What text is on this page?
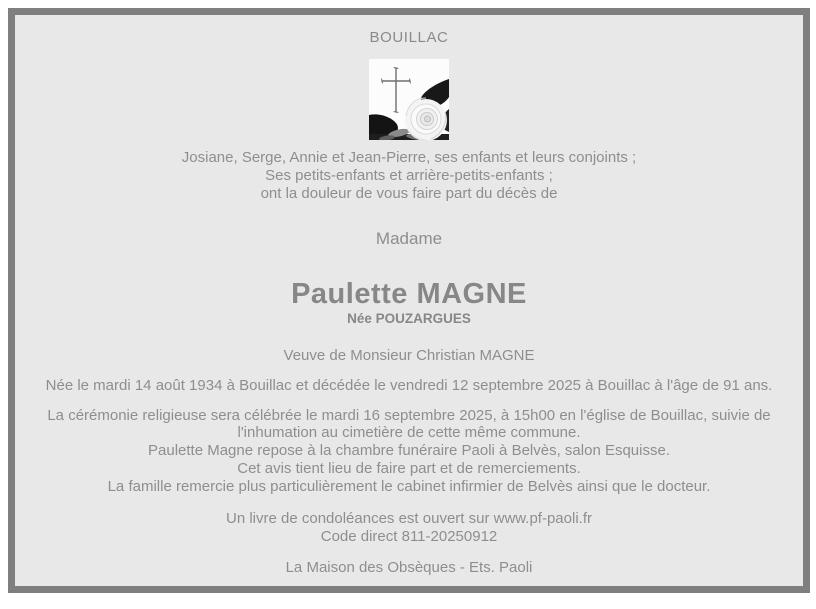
BOUILLAC
Josiane, Serge, Annie et Jean-Pierre, ses enfants et leurs conjoints ;
Ses petits-enfants et arrière-petits-enfants ;
ont la douleur de vous faire part du décès de
Madame
Paulette MAGNE
Née POUZARGUES
Veuve de Monsieur Christian MAGNE
Née le mardi 14 août 1934 à Bouillac et décédée le vendredi 12 septembre 2025 à Bouillac à l'âge de 91 ans.
La cérémonie religieuse sera célébrée le mardi 16 septembre 2025, à 15h00 en l'église de Bouillac, suivie de l'inhumation au cimetière de cette même commune.
Paulette Magne repose à la chambre funéraire Paoli à Belvès, salon Esquisse.
Cet avis tient lieu de faire part et de remerciements.
La famille remercie plus particulièrement le cabinet infirmier de Belvès ainsi que le docteur.
Un livre de condoléances est ouvert sur www.pf-paoli.fr
Code direct 811-20250912
La Maison des Obsèques - Ets. Paoli
